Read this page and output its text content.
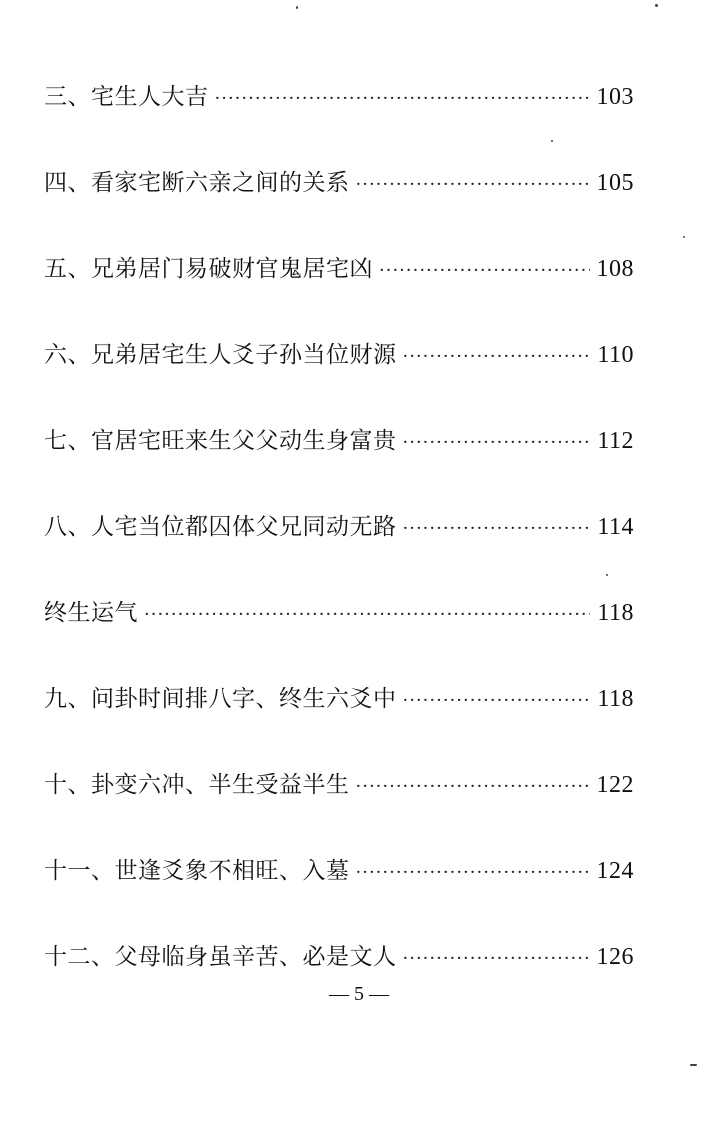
三、宅生人大吉 ·····	103
四、看家宅断六亲之间的关系 ·····	105
五、兄弟居门易破财官鬼居宅凶 ·····	108
六、兄弟居宅生人爻子孙当位财源 ·····	110
七、官居宅旺来生父父动生身富贵 ·····	112
八、人宅当位都囚体父兄同动无路 ·····	114
终生运气 ·····	118
九、问卦时间排八字、终生六爻中 ·····	118
十、卦变六冲、半生受益半生 ·····	122
十一、世逢爻象不相旺、入墓 ·····	124
十二、父母临身虽辛苦、必是文人 ·····	126
— 5 —
